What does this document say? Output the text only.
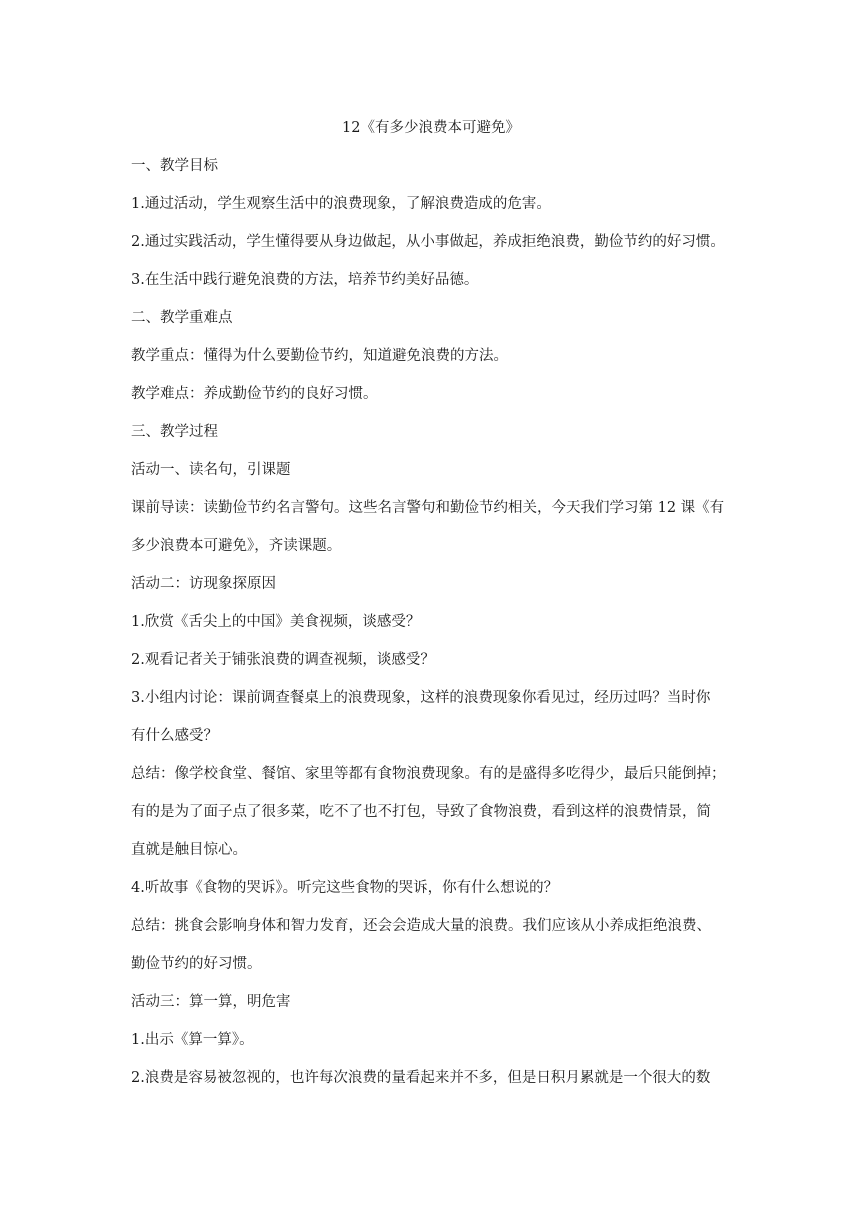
12《有多少浪费本可避免》
一、教学目标
1.通过活动，学生观察生活中的浪费现象，了解浪费造成的危害。
2.通过实践活动，学生懂得要从身边做起，从小事做起，养成拒绝浪费，勤俭节约的好习惯。
3.在生活中践行避免浪费的方法，培养节约美好品德。
二、教学重难点
教学重点：懂得为什么要勤俭节约，知道避免浪费的方法。
教学难点：养成勤俭节约的良好习惯。
三、教学过程
活动一、读名句，引课题
课前导读：读勤俭节约名言警句。这些名言警句和勤俭节约相关，今天我们学习第 12 课《有
多少浪费本可避免》，齐读课题。
活动二：访现象探原因
1.欣赏《舌尖上的中国》美食视频，谈感受？
2.观看记者关于铺张浪费的调查视频，谈感受？
3.小组内讨论：课前调查餐桌上的浪费现象，这样的浪费现象你看见过，经历过吗？当时你
有什么感受？
总结：像学校食堂、餐馆、家里等都有食物浪费现象。有的是盛得多吃得少，最后只能倒掉；
有的是为了面子点了很多菜，吃不了也不打包，导致了食物浪费，看到这样的浪费情景，简
直就是触目惊心。
4.听故事《食物的哭诉》。听完这些食物的哭诉，你有什么想说的？
总结：挑食会影响身体和智力发育，还会会造成大量的浪费。我们应该从小养成拒绝浪费、
勤俭节约的好习惯。
活动三：算一算，明危害
1.出示《算一算》。
2.浪费是容易被忽视的，也许每次浪费的量看起来并不多，但是日积月累就是一个很大的数
